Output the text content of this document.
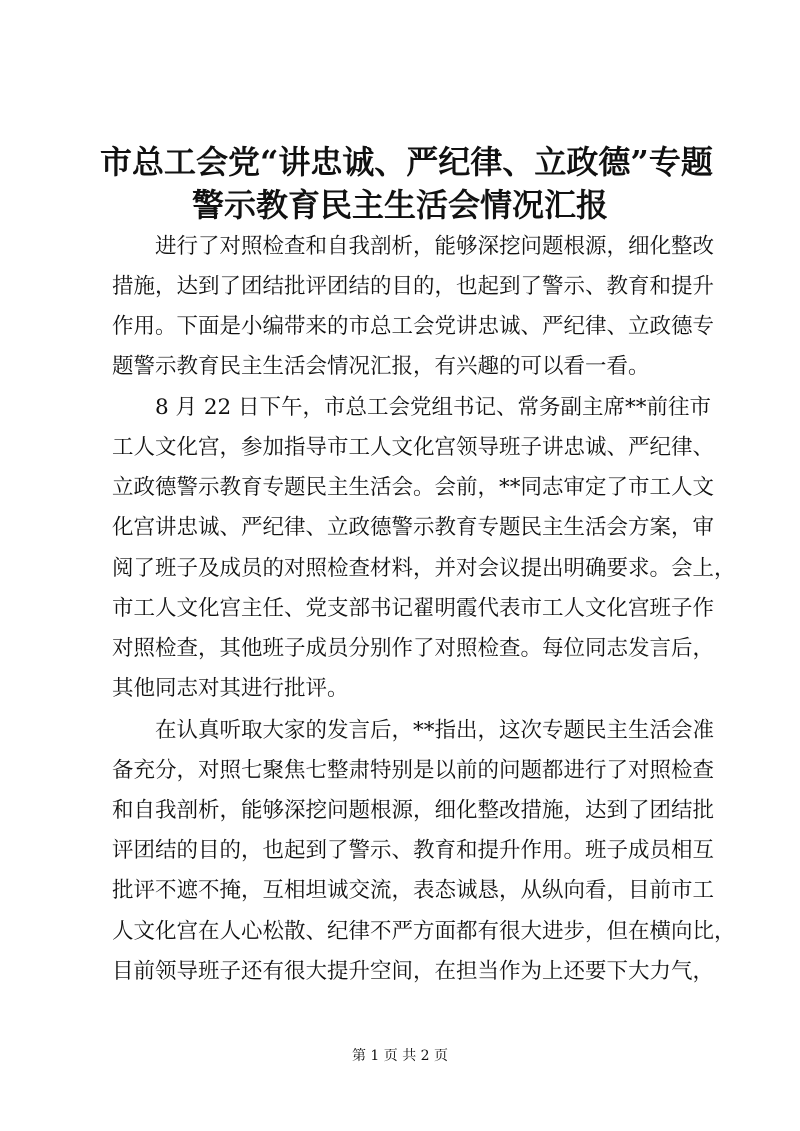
市总工会党“讲忠诚、严纪律、立政德”专题
警示教育民主生活会情况汇报

进行了对照检查和自我剖析，能够深挖问题根源，细化整改

措施，达到了团结批评团结的目的，也起到了警示、教育和提升

作用。下面是小编带来的市总工会党讲忠诚、严纪律、立政德专

题警示教育民主生活会情况汇报，有兴趣的可以看一看。

8 月 22 日下午，市总工会党组书记、常务副主席**前往市

工人文化宫，参加指导市工人文化宫领导班子讲忠诚、严纪律、

立政德警示教育专题民主生活会。会前，**同志审定了市工人文

化宫讲忠诚、严纪律、立政德警示教育专题民主生活会方案，审

阅了班子及成员的对照检查材料，并对会议提出明确要求。会上，

市工人文化宫主任、党支部书记翟明霞代表市工人文化宫班子作

对照检查，其他班子成员分别作了对照检查。每位同志发言后，

其他同志对其进行批评。

在认真听取大家的发言后，**指出，这次专题民主生活会准

备充分，对照七聚焦七整肃特别是以前的问题都进行了对照检查

和自我剖析，能够深挖问题根源，细化整改措施，达到了团结批

评团结的目的，也起到了警示、教育和提升作用。班子成员相互

批评不遮不掩，互相坦诚交流，表态诚恳，从纵向看，目前市工

人文化宫在人心松散、纪律不严方面都有很大进步，但在横向比，

目前领导班子还有很大提升空间，在担当作为上还要下大力气，

第 1 页 共 2 页
